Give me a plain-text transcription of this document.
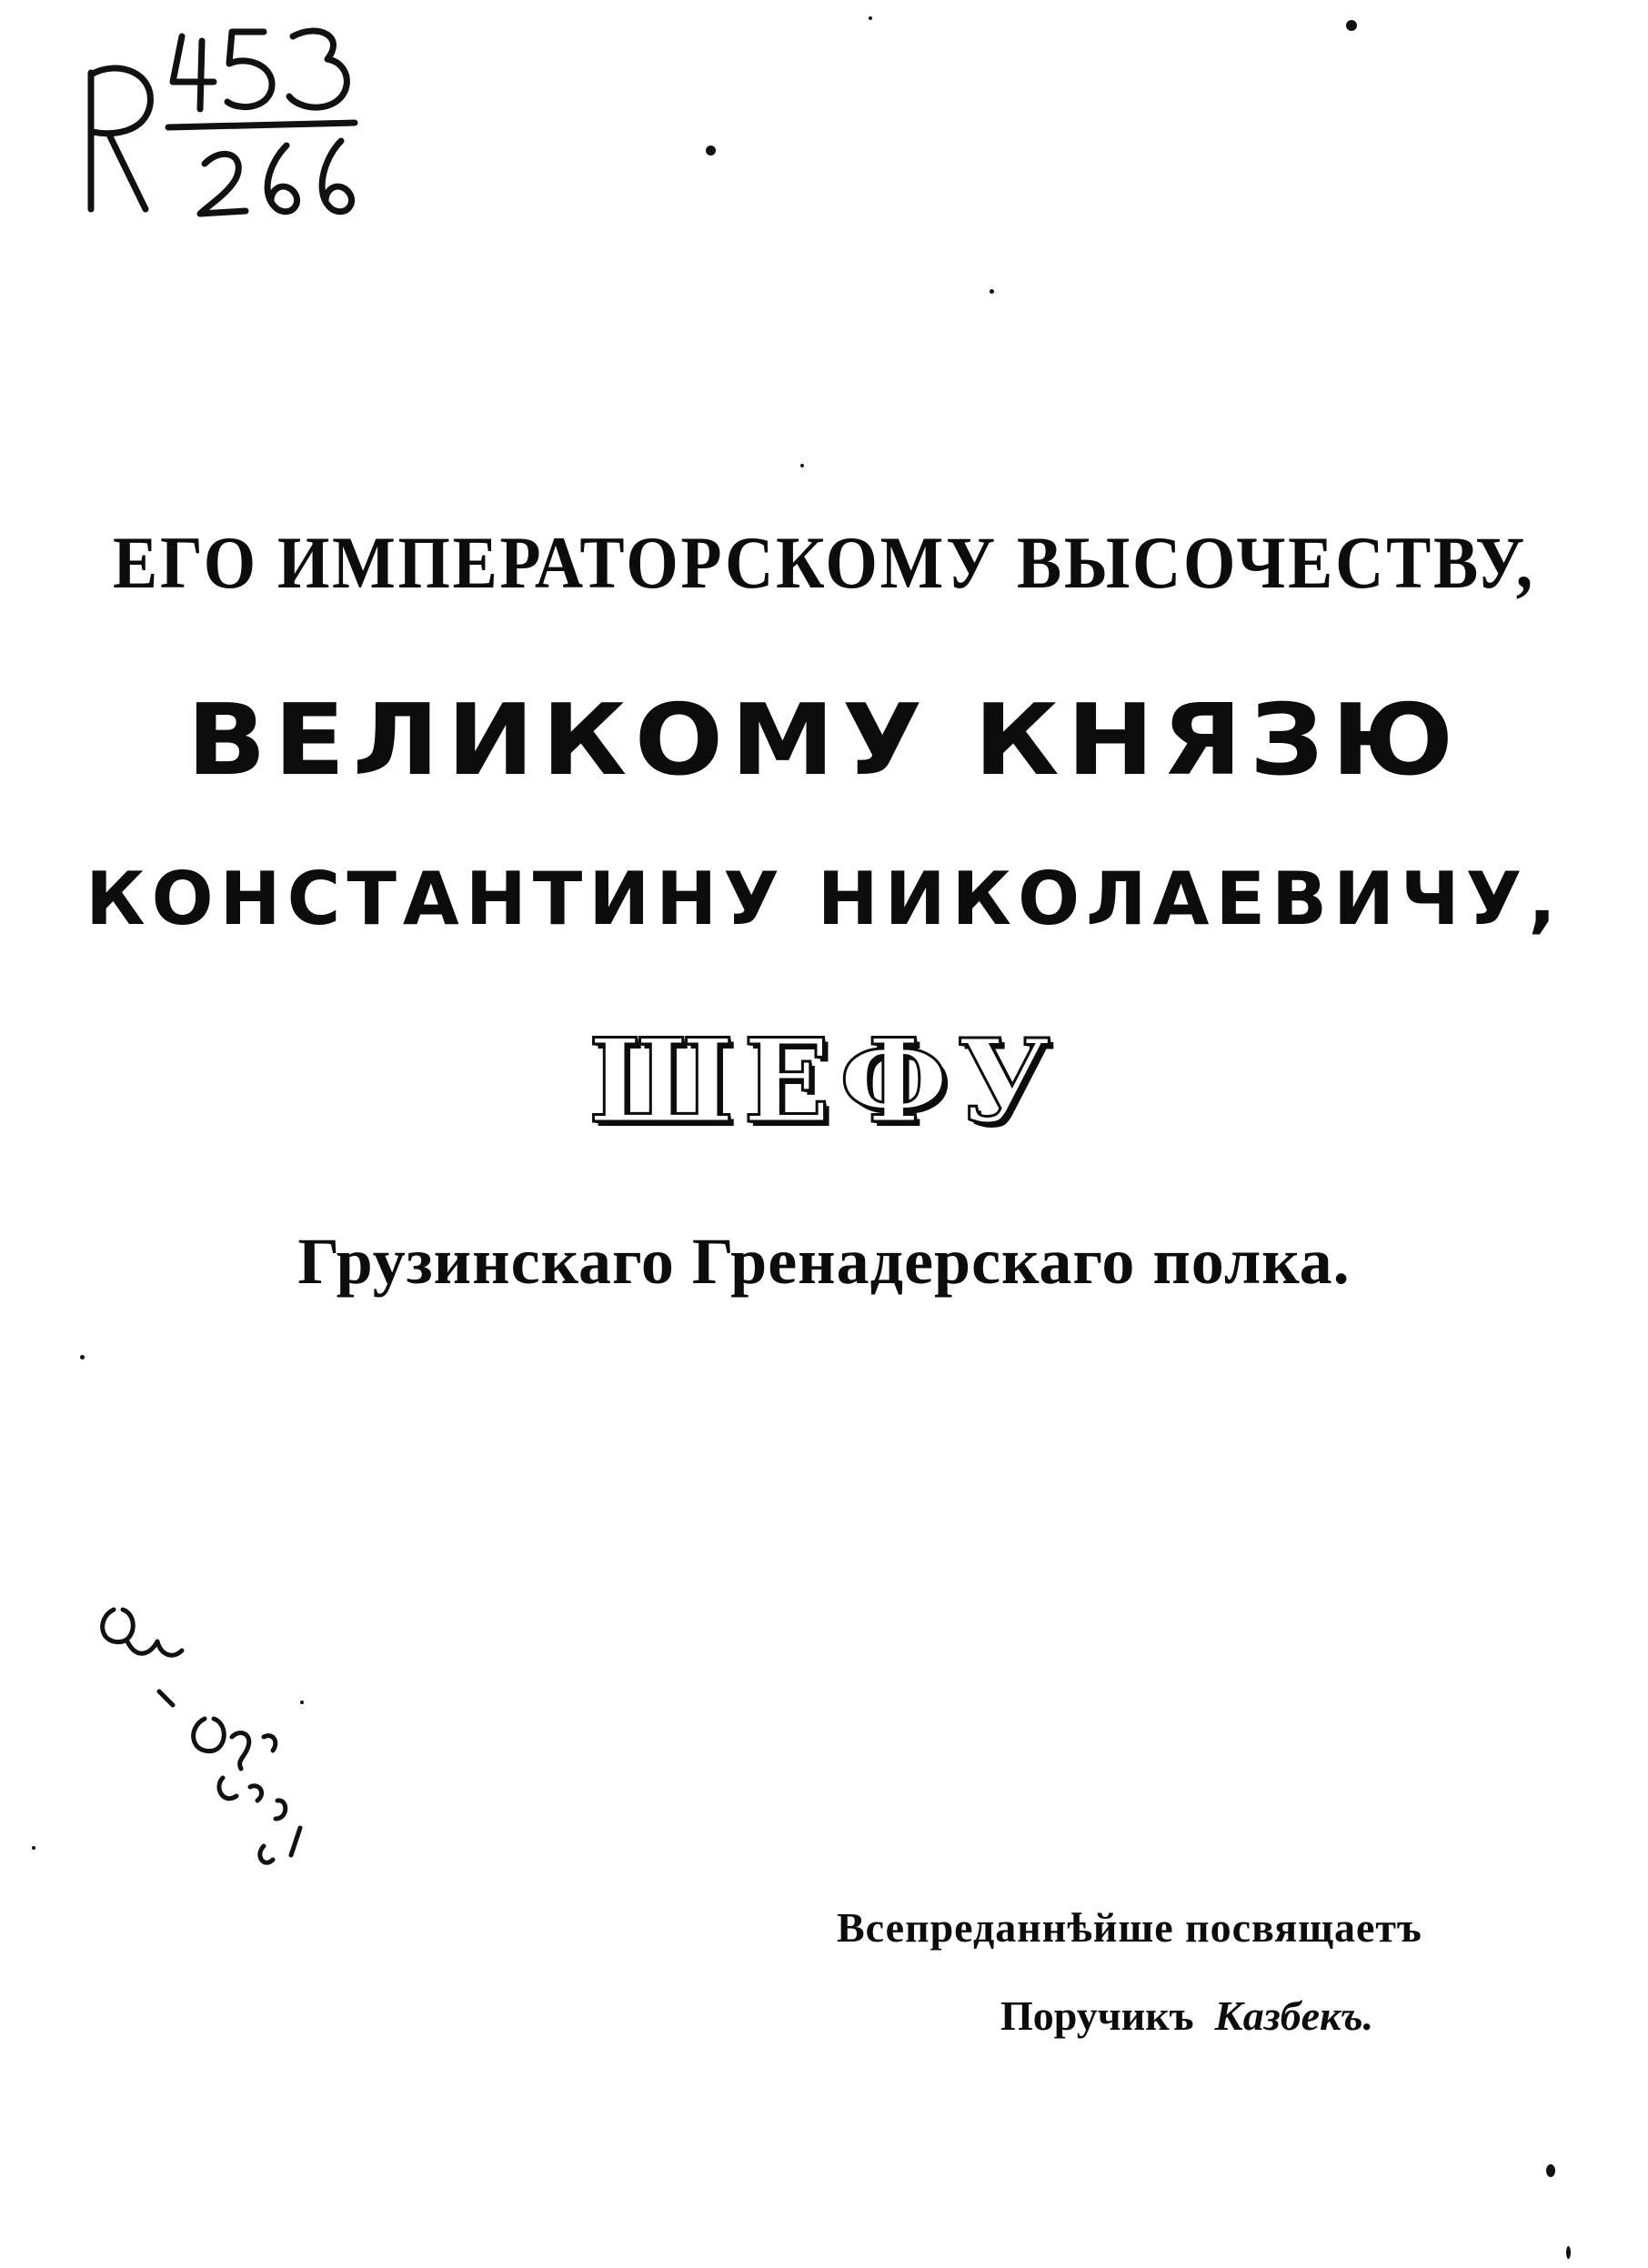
ЕГО ИМПЕРАТОРСКОМУ ВЫСОЧЕСТВУ,
ВЕЛИКОМУ КНЯЗЮ
КОНСТАНТИНУ НИКОЛАЕВИЧУ,
ШЕФУ
Грузинскаго Гренадерскаго полка.
Всепреданнѣйше посвящаетъ
Поручикъ Казбекъ.
